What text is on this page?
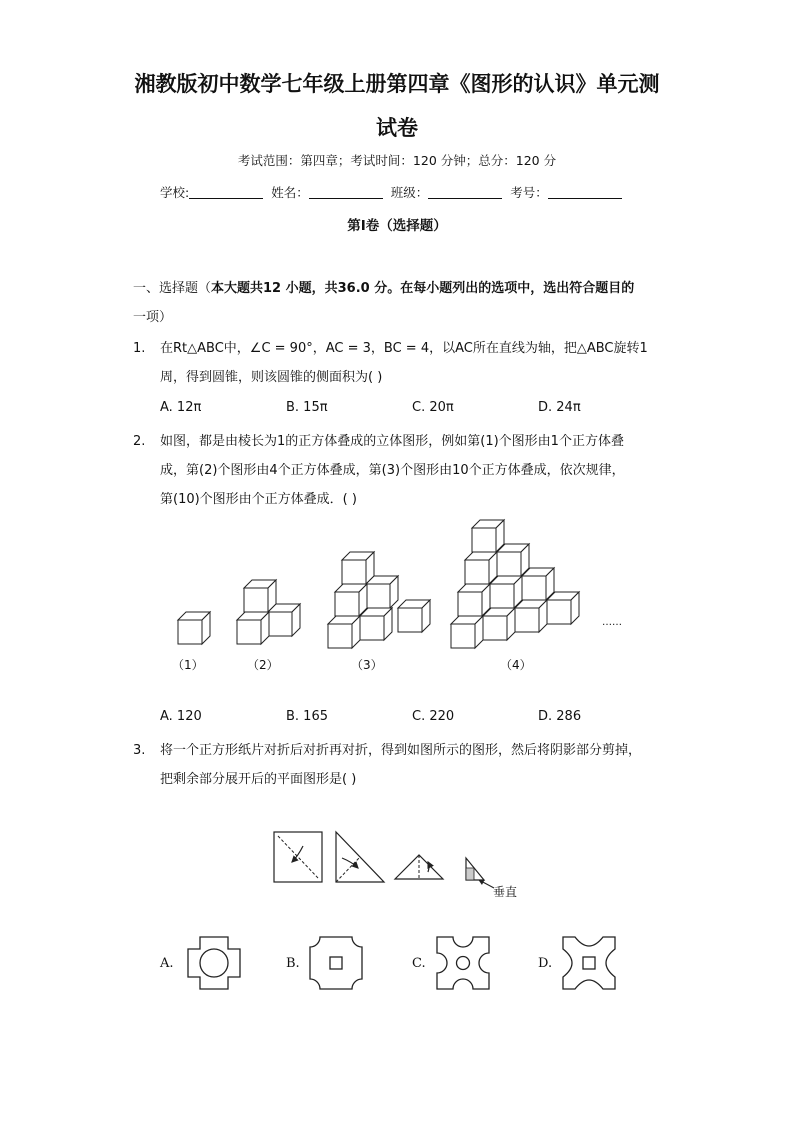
湘教版初中数学七年级上册第四章《图形的认识》单元测
试卷
考试范围：第四章；考试时间：120 分钟；总分：120 分
学校:	姓名：	班级：	考号：
第I卷（选择题）
一、选择题（本大题共12 小题，共36.0 分。在每小题列出的选项中，选出符合题目的
一项）
1. 在Rt△ABC中，∠C = 90°，AC = 3，BC = 4，以AC所在直线为轴，把△ABC旋转1
周，得到圆锥，则该圆锥的侧面积为( )
A. 12π	B. 15π	C. 20π	D. 24π
2. 如图，都是由棱长为1的正方体叠成的立体图形，例如第(1)个图形由1个正方体叠
成，第(2)个图形由4个正方体叠成，第(3)个图形由10个正方体叠成，依次规律，
第(10)个图形由个正方体叠成．( )
……
（1）	（2）	（3）	（4）
A. 120	B. 165	C. 220	D. 286
3. 将一个正方形纸片对折后对折再对折，得到如图所示的图形，然后将阴影部分剪掉，
把剩余部分展开后的平面图形是( )
垂直
A.	B.	C.	D.
